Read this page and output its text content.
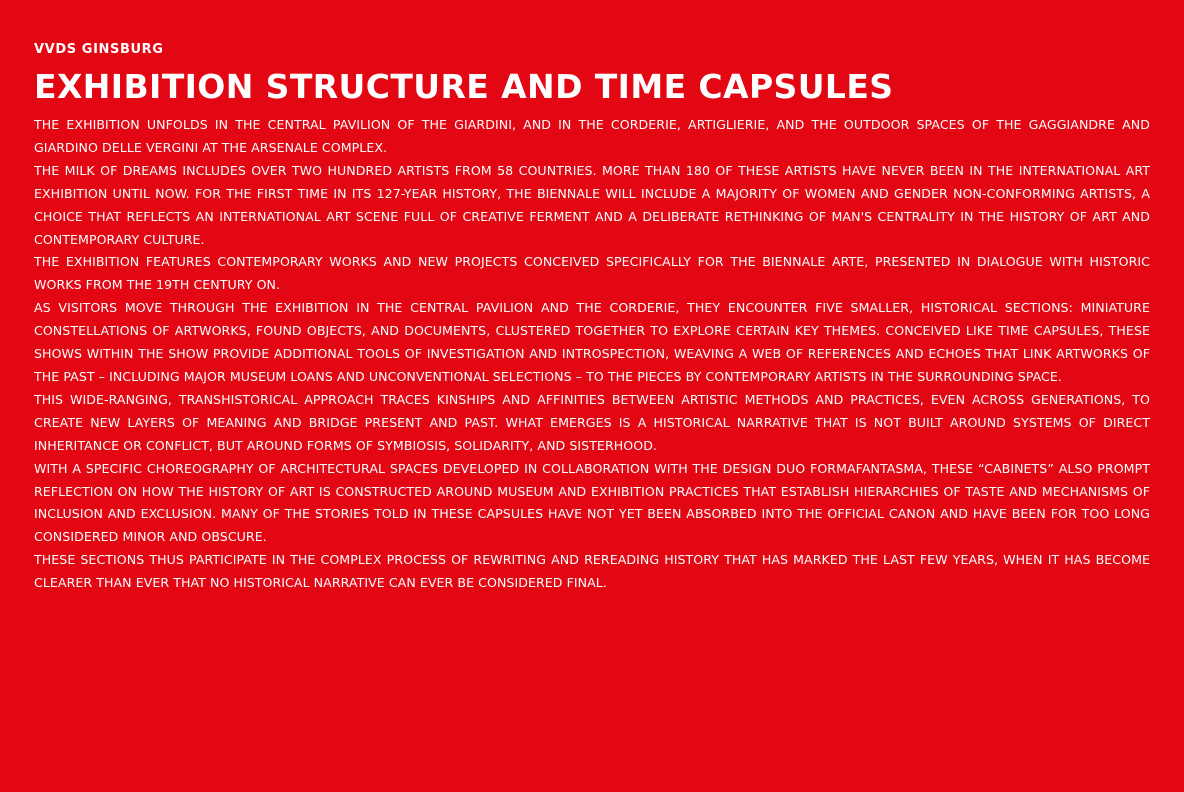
VVDS GINSBURG
EXHIBITION STRUCTURE AND TIME CAPSULES

THE EXHIBITION UNFOLDS IN THE CENTRAL PAVILION OF THE GIARDINI, AND IN THE CORDERIE, ARTIGLIERIE, AND THE OUTDOOR SPACES OF THE GAGGIANDRE AND GIARDINO DELLE VERGINI AT THE ARSENALE COMPLEX.

THE MILK OF DREAMS INCLUDES OVER TWO HUNDRED ARTISTS FROM 58 COUNTRIES. MORE THAN 180 OF THESE ARTISTS HAVE NEVER BEEN IN THE INTERNATIONAL ART EXHIBITION UNTIL NOW. FOR THE FIRST TIME IN ITS 127-YEAR HISTORY, THE BIENNALE WILL INCLUDE A MAJORITY OF WOMEN AND GENDER NON-CONFORMING ARTISTS, A CHOICE THAT REFLECTS AN INTERNATIONAL ART SCENE FULL OF CREATIVE FERMENT AND A DELIBERATE RETHINKING OF MAN'S CENTRALITY IN THE HISTORY OF ART AND CONTEMPORARY CULTURE.

THE EXHIBITION FEATURES CONTEMPORARY WORKS AND NEW PROJECTS CONCEIVED SPECIFICALLY FOR THE BIENNALE ARTE, PRESENTED IN DIALOGUE WITH HISTORIC WORKS FROM THE 19TH CENTURY ON.

AS VISITORS MOVE THROUGH THE EXHIBITION IN THE CENTRAL PAVILION AND THE CORDERIE, THEY ENCOUNTER FIVE SMALLER, HISTORICAL SECTIONS: MINIATURE CONSTELLATIONS OF ARTWORKS, FOUND OBJECTS, AND DOCUMENTS, CLUSTERED TOGETHER TO EXPLORE CERTAIN KEY THEMES. CONCEIVED LIKE TIME CAPSULES, THESE SHOWS WITHIN THE SHOW PROVIDE ADDITIONAL TOOLS OF INVESTIGATION AND INTROSPECTION, WEAVING A WEB OF REFERENCES AND ECHOES THAT LINK ARTWORKS OF THE PAST – INCLUDING MAJOR MUSEUM LOANS AND UNCONVENTIONAL SELECTIONS – TO THE PIECES BY CONTEMPORARY ARTISTS IN THE SURROUNDING SPACE.

THIS WIDE-RANGING, TRANSHISTORICAL APPROACH TRACES KINSHIPS AND AFFINITIES BETWEEN ARTISTIC METHODS AND PRACTICES, EVEN ACROSS GENERATIONS, TO CREATE NEW LAYERS OF MEANING AND BRIDGE PRESENT AND PAST. WHAT EMERGES IS A HISTORICAL NARRATIVE THAT IS NOT BUILT AROUND SYSTEMS OF DIRECT INHERITANCE OR CONFLICT, BUT AROUND FORMS OF SYMBIOSIS, SOLIDARITY, AND SISTERHOOD.

WITH A SPECIFIC CHOREOGRAPHY OF ARCHITECTURAL SPACES DEVELOPED IN COLLABORATION WITH THE DESIGN DUO FORMAFANTASMA, THESE “CABINETS” ALSO PROMPT REFLECTION ON HOW THE HISTORY OF ART IS CONSTRUCTED AROUND MUSEUM AND EXHIBITION PRACTICES THAT ESTABLISH HIERARCHIES OF TASTE AND MECHANISMS OF INCLUSION AND EXCLUSION. MANY OF THE STORIES TOLD IN THESE CAPSULES HAVE NOT YET BEEN ABSORBED INTO THE OFFICIAL CANON AND HAVE BEEN FOR TOO LONG CONSIDERED MINOR AND OBSCURE.

THESE SECTIONS THUS PARTICIPATE IN THE COMPLEX PROCESS OF REWRITING AND REREADING HISTORY THAT HAS MARKED THE LAST FEW YEARS, WHEN IT HAS BECOME CLEARER THAN EVER THAT NO HISTORICAL NARRATIVE CAN EVER BE CONSIDERED FINAL.
